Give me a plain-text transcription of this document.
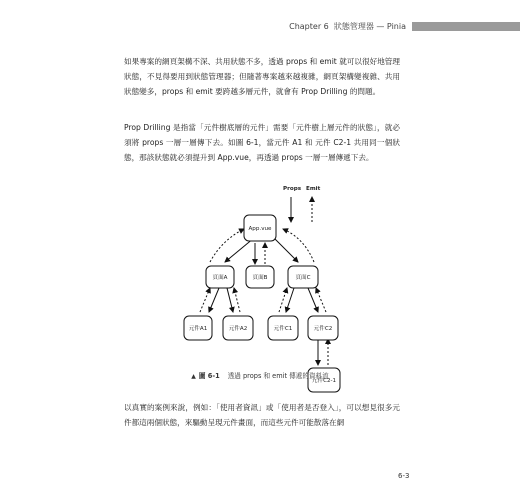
Chapter 6 狀態管理器 — Pinia

如果專案的網頁架構不深、共用狀態不多，透過 props 和 emit 就可以很好地管理狀態，不見得要用到狀態管理器；但隨著專案越來越複雜，網頁架構變複雜、共用狀態變多，props 和 emit 要跨越多層元件，就會有 Prop Drilling 的問題。

Prop Drilling 是指當「元件樹底層的元件」需要「元件樹上層元件的狀態」，就必須將 props 一層一層傳下去。如圖 6-1，當元件 A1 和 元件 C2-1 共用同一個狀態，那該狀態就必須提升到 App.vue，再透過 props 一層一層傳遞下去。

Props Emit
App.vue
頁面A	頁面B	頁面C
元件A1	元件A2	元件C1	元件C2
元件C2-1
▲ 圖 6-1 透過 props 和 emit 傳遞的資料流

以真實的案例來說，例如：「使用者資訊」或「使用者是否登入」，可以想見很多元件都這兩個狀態，來驅動呈現元件畫面，而這些元件可能散落在網

6-3
